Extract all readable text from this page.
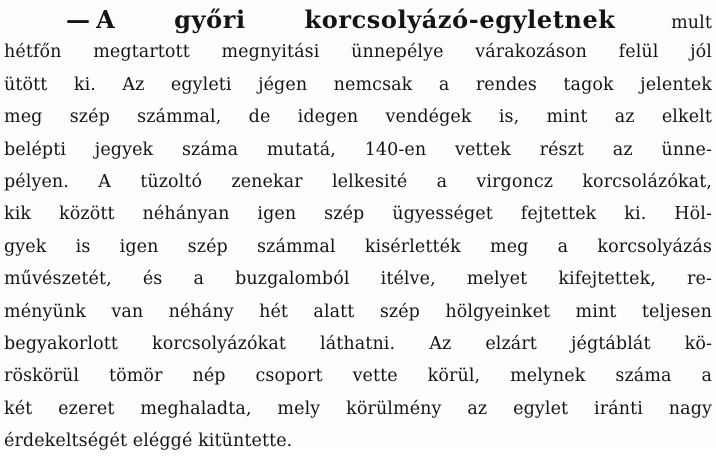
— A győri korcsolyázó-egyletnek	mult
hétfőn megtartott megnyitási ünnepélye várakozáson felül jól
ütött ki. Az egyleti jégen nemcsak a rendes tagok jelentek
meg szép számmal, de idegen vendégek is, mint az elkelt
belépti jegyek száma mutatá, 140-en vettek részt az ünne-
pélyen. A tüzoltó zenekar lelkesité a virgoncz korcsolázókat,
kik között néhányan igen szép ügyességet fejtettek ki. Höl-
gyek is igen szép számmal kisérlették meg a korcsolyázás
művészetét, és a buzgalomból itélve, melyet kifejtettek, re-
ményünk van néhány hét alatt szép hölgyeinket mint teljesen
begyakorlott korcsolyázókat láthatni. Az elzárt jégtáblát kö-
röskörül tömör nép csoport vette körül, melynek száma a
két ezeret meghaladta, mely körülmény az egylet iránti nagy
érdekeltségét eléggé kitüntette.
